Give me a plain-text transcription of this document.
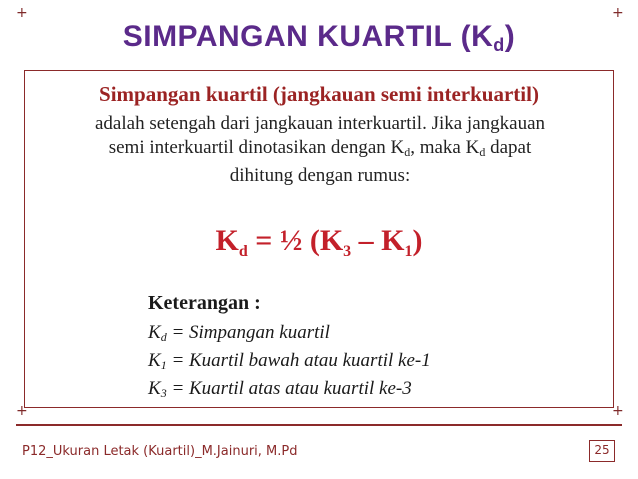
+	+
+	+
SIMPANGAN KUARTIL $(K_d)$
Simpangan kuartil (jangkauan semi interkuartil)
adalah setengah dari jangkauan interkuartil. Jika jangkauan
semi interkuartil dinotasikan dengan $K_d$, maka $K_d$ dapat
dihitung dengan rumus:
$K_d$ = ½ $(K_3 - K_1)$
Keterangan :
$K_d$ = Simpangan kuartil
$K_1$ = Kuartil bawah atau kuartil ke-1
$K_3$ = Kuartil atas atau kuartil ke-3
P12_Ukuran Letak (Kuartil)_M.Jainuri, M.Pd	25
